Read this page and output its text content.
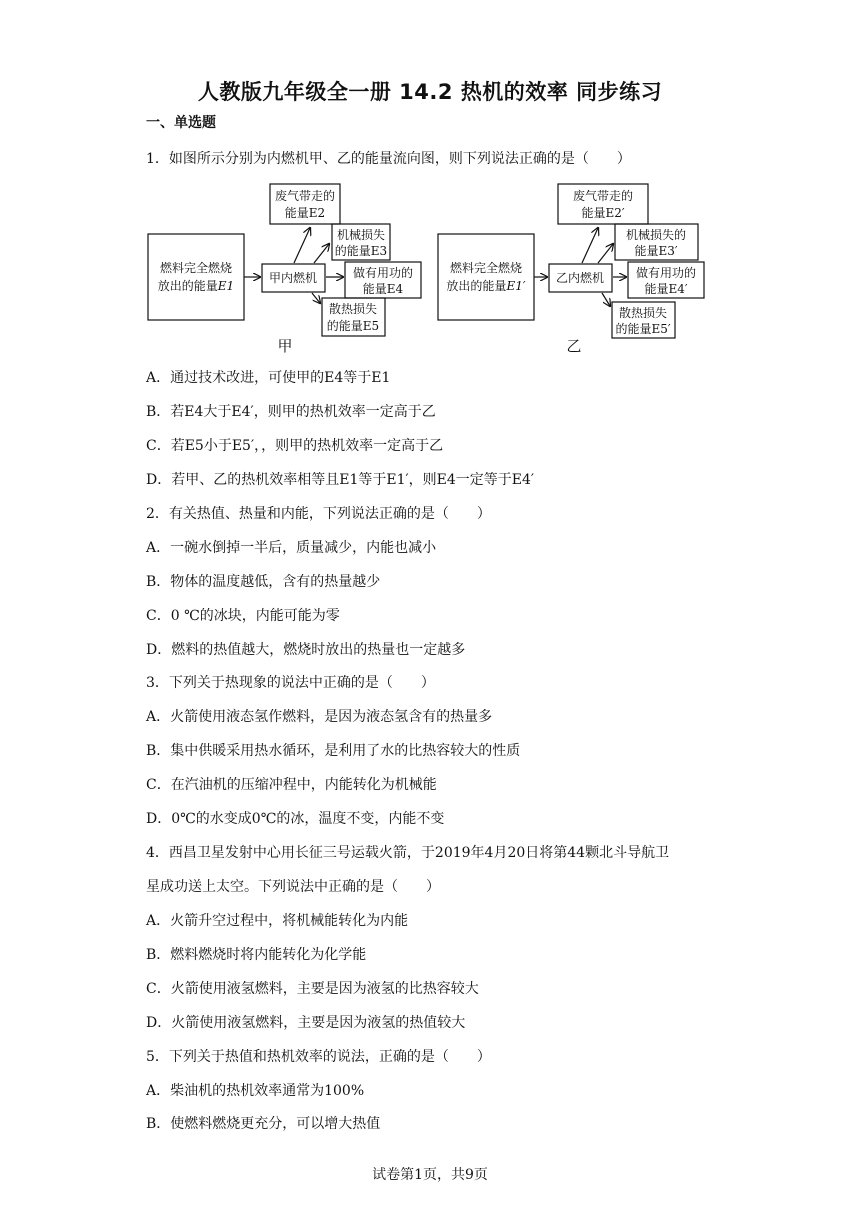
人教版九年级全一册 14.2 热机的效率 同步练习
一、单选题
1．如图所示分别为内燃机甲、乙的能量流向图，则下列说法正确的是（　　）
燃料完全燃烧
放出的能量E1
甲内燃机
废气带走的
能量E2
机械损失
的能量E3
做有用功的
能量E4
散热损失
的能量E5
甲
燃料完全燃烧
放出的能量E1′
乙内燃机
废气带走的
能量E2′
机械损失的
能量E3′
做有用功的
能量E4′
散热损失
的能量E5′
乙
A．通过技术改进，可使甲的E4等于E1
B．若E4大于E4′，则甲的热机效率一定高于乙
C．若E5小于E5′，，则甲的热机效率一定高于乙
D．若甲、乙的热机效率相等且E1等于E1′，则E4一定等于E4′
2．有关热值、热量和内能，下列说法正确的是（　　）
A．一碗水倒掉一半后，质量减少，内能也减小
B．物体的温度越低，含有的热量越少
C．0 ℃的冰块，内能可能为零
D．燃料的热值越大，燃烧时放出的热量也一定越多
3．下列关于热现象的说法中正确的是（　　）
A．火箭使用液态氢作燃料，是因为液态氢含有的热量多
B．集中供暖采用热水循环，是利用了水的比热容较大的性质
C．在汽油机的压缩冲程中，内能转化为机械能
D．0℃的水变成0℃的冰，温度不变，内能不变
4．西昌卫星发射中心用长征三号运载火箭，于2019年4月20日将第44颗北斗导航卫
星成功送上太空。下列说法中正确的是（　　）
A．火箭升空过程中，将机械能转化为内能
B．燃料燃烧时将内能转化为化学能
C．火箭使用液氢燃料，主要是因为液氢的比热容较大
D．火箭使用液氢燃料，主要是因为液氢的热值较大
5．下列关于热值和热机效率的说法，正确的是（　　）
A．柴油机的热机效率通常为100%
B．使燃料燃烧更充分，可以增大热值
试卷第1页，共9页
